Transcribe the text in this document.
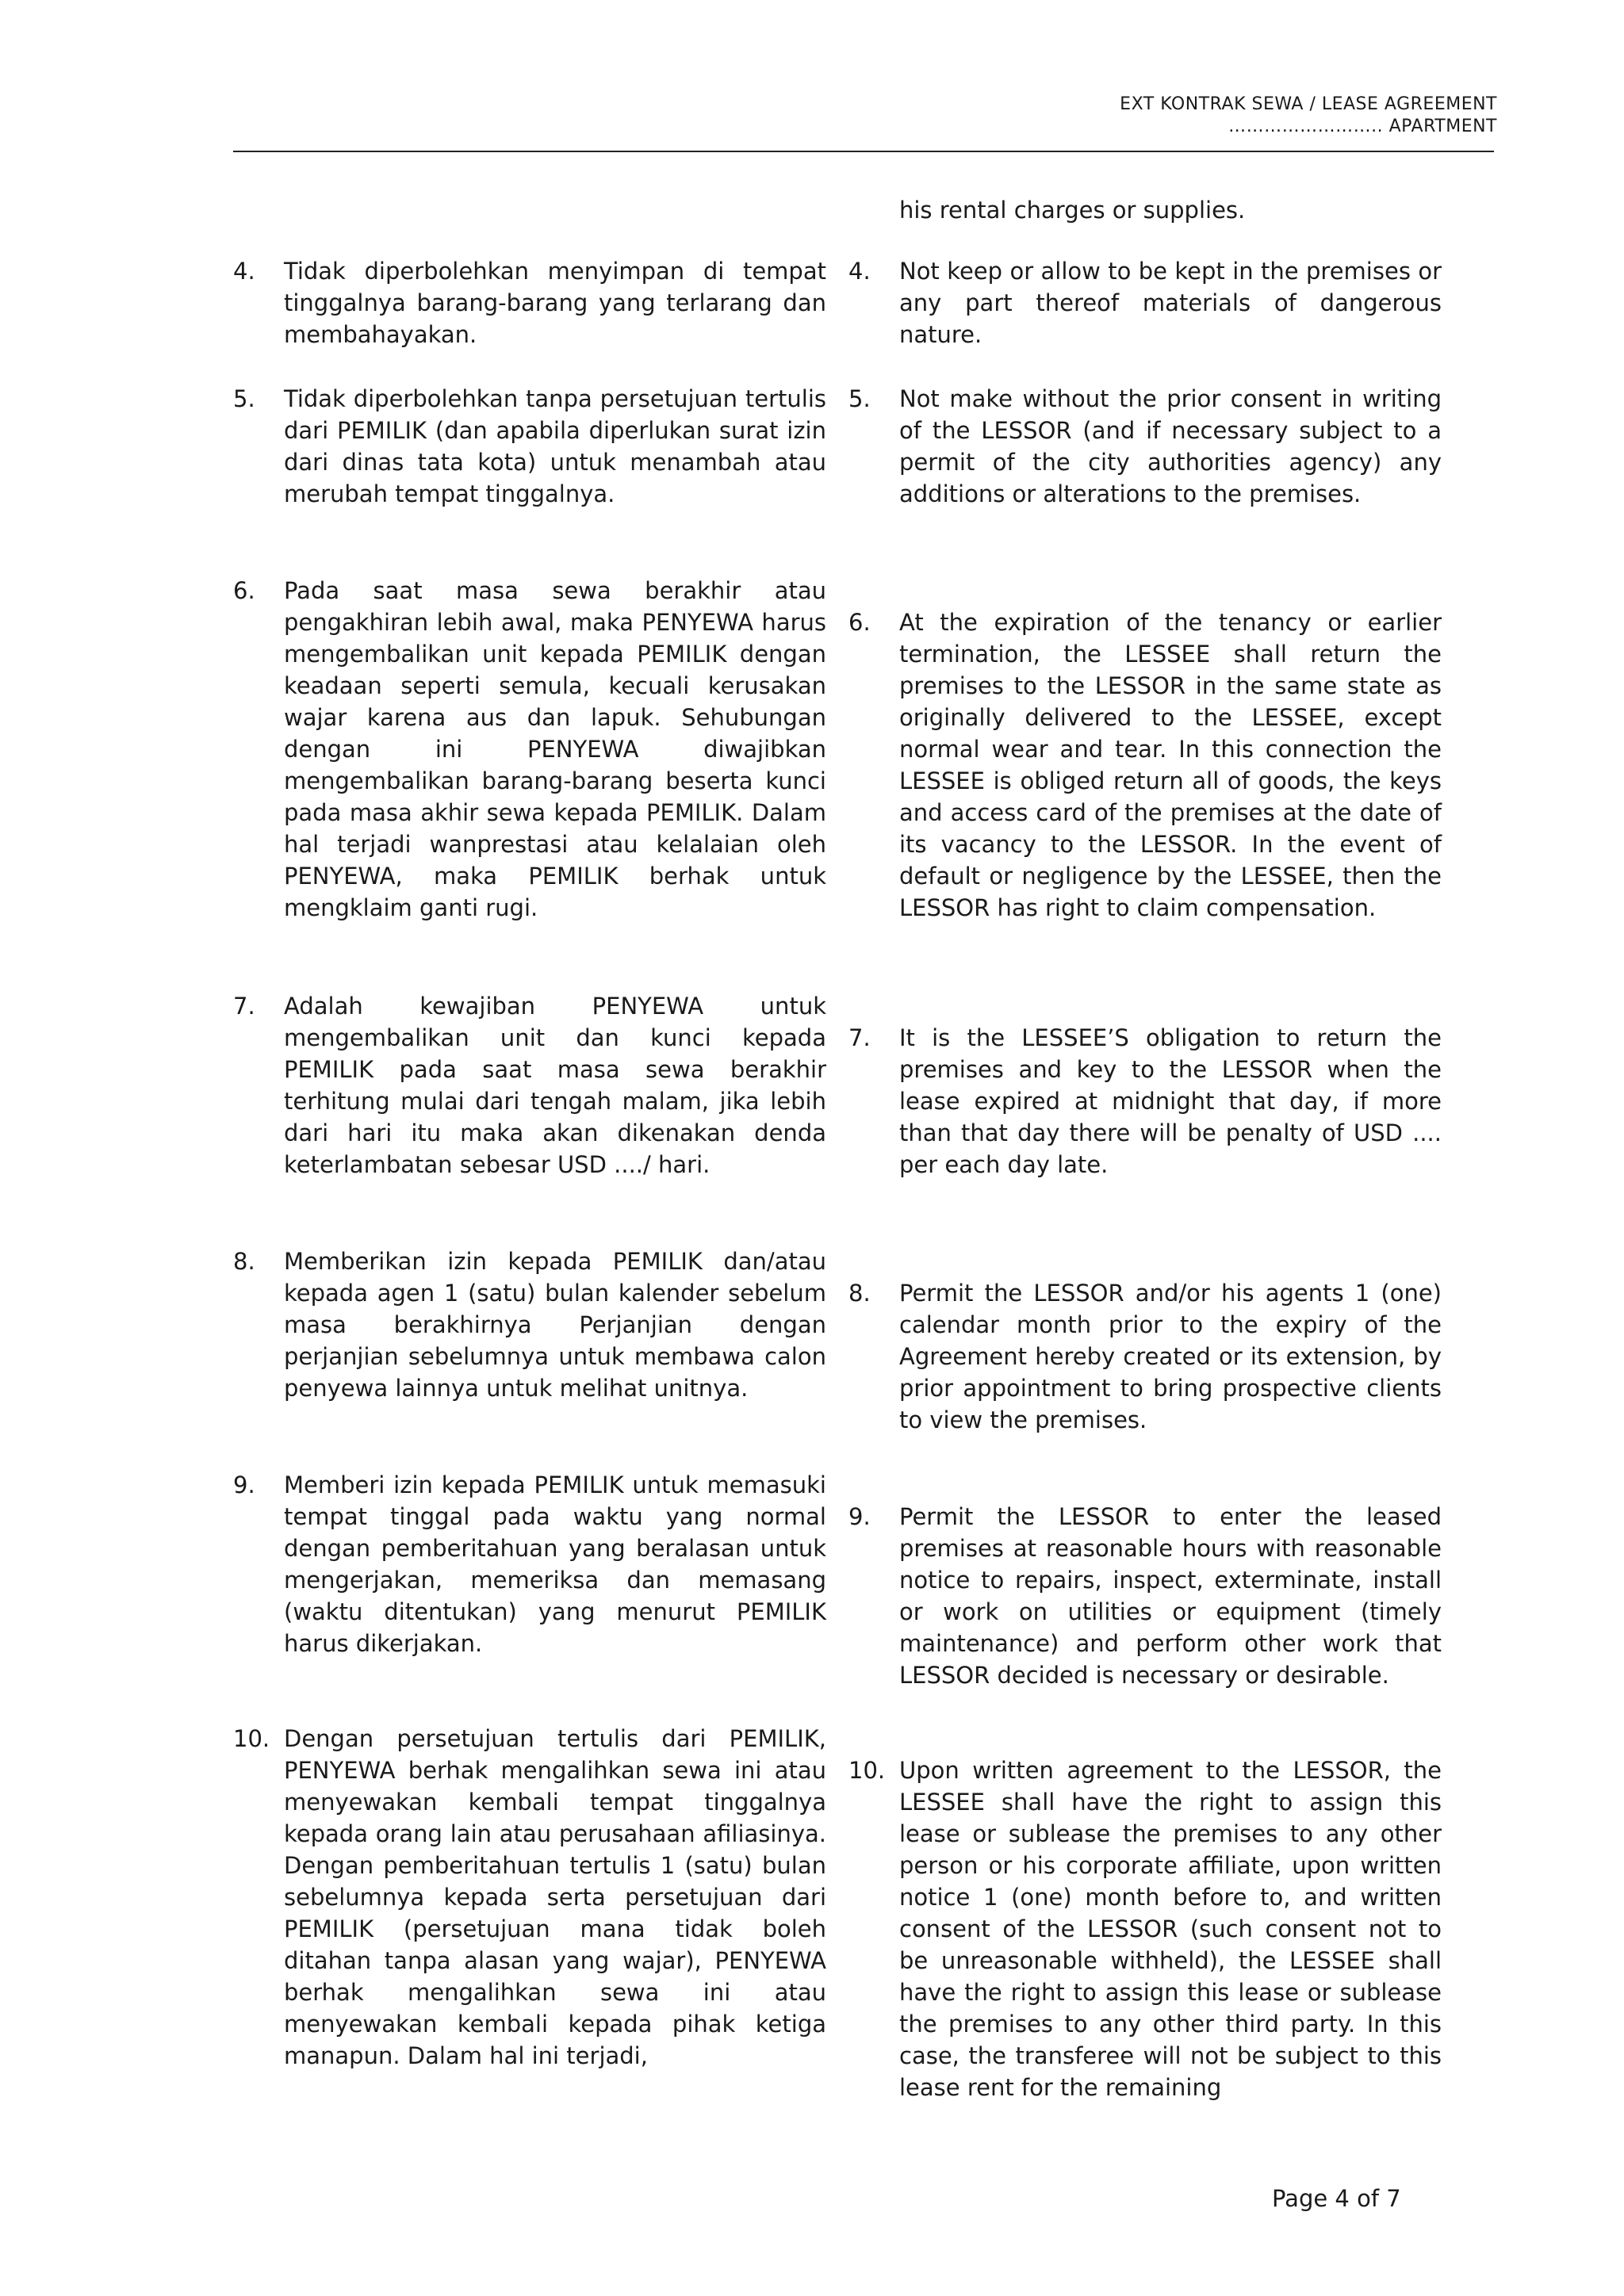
EXT KONTRAK SEWA / LEASE AGREEMENT
…………………….. APARTMENT
4.	Tidak diperbolehkan menyimpan di tempat tinggalnya barang-barang yang terlarang dan membahayakan.
5.	Tidak diperbolehkan tanpa persetujuan tertulis dari PEMILIK (dan apabila diperlukan surat izin dari dinas tata kota) untuk menambah atau merubah tempat tinggalnya.
6.	Pada saat masa sewa berakhir atau pengakhiran lebih awal, maka PENYEWA harus mengembalikan unit kepada PEMILIK dengan keadaan seperti semula, kecuali kerusakan wajar karena aus dan lapuk. Sehubungan dengan ini PENYEWA diwajibkan mengembalikan barang-barang beserta kunci pada masa akhir sewa kepada PEMILIK. Dalam hal terjadi wanprestasi atau kelalaian oleh PENYEWA, maka PEMILIK berhak untuk mengklaim ganti rugi.
7.	Adalah kewajiban PENYEWA untuk mengembalikan unit dan kunci kepada PEMILIK pada saat masa sewa berakhir terhitung mulai dari tengah malam, jika lebih dari hari itu maka akan dikenakan denda keterlambatan sebesar USD ..../ hari.
8.	Memberikan izin kepada PEMILIK dan/atau kepada agen 1 (satu) bulan kalender sebelum masa berakhirnya Perjanjian dengan perjanjian sebelumnya untuk membawa calon penyewa lainnya untuk melihat unitnya.
9.	Memberi izin kepada PEMILIK untuk memasuki tempat tinggal pada waktu yang normal dengan pemberitahuan yang beralasan untuk mengerjakan, memeriksa dan memasang (waktu ditentukan) yang menurut PEMILIK harus dikerjakan.
10. Dengan persetujuan tertulis dari PEMILIK, PENYEWA berhak mengalihkan sewa ini atau menyewakan kembali tempat tinggalnya kepada orang lain atau perusahaan afiliasinya. Dengan pemberitahuan tertulis 1 (satu) bulan sebelumnya kepada serta persetujuan dari PEMILIK (persetujuan mana tidak boleh ditahan tanpa alasan yang wajar), PENYEWA berhak mengalihkan sewa ini atau menyewakan kembali kepada pihak ketiga manapun. Dalam hal ini terjadi,
his rental charges or supplies.
4.	Not keep or allow to be kept in the premises or any part thereof materials of dangerous nature.
5.	Not make without the prior consent in writing of the LESSOR (and if necessary subject to a permit of the city authorities agency) any additions or alterations to the premises.
6.	At the expiration of the tenancy or earlier termination, the LESSEE shall return the premises to the LESSOR in the same state as originally delivered to the LESSEE, except normal wear and tear. In this connection the LESSEE is obliged return all of goods, the keys and access card of the premises at the date of its vacancy to the LESSOR. In the event of default or negligence by the LESSEE, then the LESSOR has right to claim compensation.
7.	It is the LESSEE’S obligation to return the premises and key to the LESSOR when the lease expired at midnight that day, if more than that day there will be penalty of USD .... per each day late.
8.	Permit the LESSOR and/or his agents 1 (one) calendar month prior to the expiry of the Agreement hereby created or its extension, by prior appointment to bring prospective clients to view the premises.
9.	Permit the LESSOR to enter the leased premises at reasonable hours with reasonable notice to repairs, inspect, exterminate, install or work on utilities or equipment (timely maintenance) and perform other work that LESSOR decided is necessary or desirable.
10. Upon written agreement to the LESSOR, the LESSEE shall have the right to assign this lease or sublease the premises to any other person or his corporate affiliate, upon written notice 1 (one) month before to, and written consent of the LESSOR (such consent not to be unreasonable withheld), the LESSEE shall have the right to assign this lease or sublease the premises to any other third party. In this case, the transferee will not be subject to this lease rent for the remaining
Page 4 of 7
